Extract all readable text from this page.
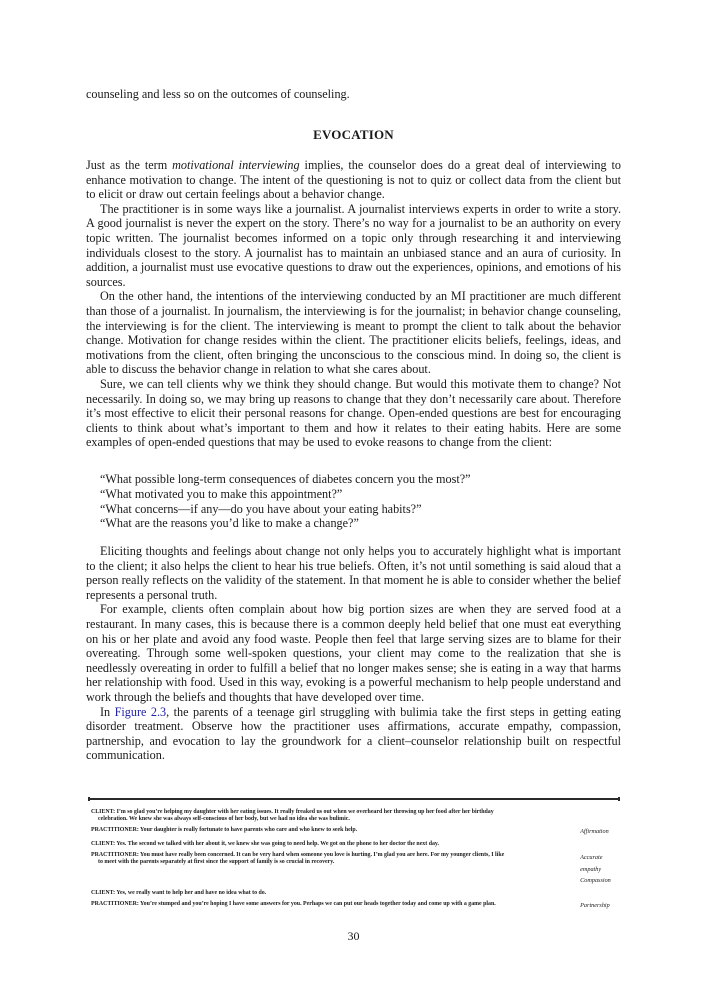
counseling and less so on the outcomes of counseling.

EVOCATION

Just as the term motivational interviewing implies, the counselor does do a great deal of interviewing to enhance motivation to change. The intent of the questioning is not to quiz or collect data from the client but to elicit or draw out certain feelings about a behavior change.

The practitioner is in some ways like a journalist. A journalist interviews experts in order to write a story. A good journalist is never the expert on the story. There’s no way for a journalist to be an authority on every topic written. The journalist becomes informed on a topic only through researching it and interviewing individuals closest to the story. A journalist has to maintain an unbiased stance and an aura of curiosity. In addition, a journalist must use evocative questions to draw out the experiences, opinions, and emotions of his sources.

On the other hand, the intentions of the interviewing conducted by an MI practitioner are much different than those of a journalist. In journalism, the interviewing is for the journalist; in behavior change counseling, the interviewing is for the client. The interviewing is meant to prompt the client to talk about the behavior change. Motivation for change resides within the client. The practitioner elicits beliefs, feelings, ideas, and motivations from the client, often bringing the unconscious to the conscious mind. In doing so, the client is able to discuss the behavior change in relation to what she cares about.

Sure, we can tell clients why we think they should change. But would this motivate them to change? Not necessarily. In doing so, we may bring up reasons to change that they don’t necessarily care about. Therefore it’s most effective to elicit their personal reasons for change. Open-ended questions are best for encouraging clients to think about what’s important to them and how it relates to their eating habits. Here are some examples of open-ended questions that may be used to evoke reasons to change from the client:

“What possible long-term consequences of diabetes concern you the most?”
“What motivated you to make this appointment?”
“What concerns—if any—do you have about your eating habits?”
“What are the reasons you’d like to make a change?”

Eliciting thoughts and feelings about change not only helps you to accurately highlight what is important to the client; it also helps the client to hear his true beliefs. Often, it’s not until something is said aloud that a person really reflects on the validity of the statement. In that moment he is able to consider whether the belief represents a personal truth.

For example, clients often complain about how big portion sizes are when they are served food at a restaurant. In many cases, this is because there is a common deeply held belief that one must eat everything on his or her plate and avoid any food waste. People then feel that large serving sizes are to blame for their overeating. Through some well-spoken questions, your client may come to the realization that she is needlessly overeating in order to fulfill a belief that no longer makes sense; she is eating in a way that harms her relationship with food. Used in this way, evoking is a powerful mechanism to help people understand and work through the beliefs and thoughts that have developed over time.

In Figure 2.3, the parents of a teenage girl struggling with bulimia take the first steps in getting eating disorder treatment. Observe how the practitioner uses affirmations, accurate empathy, compassion, partnership, and evocation to lay the groundwork for a client–counselor relationship built on respectful communication.

CLIENT: I’m so glad you’re helping my daughter with her eating issues. It really freaked us out when we overheard her throwing up her food after her birthday
celebration. We knew she was always self-conscious of her body, but we had no idea she was bulimic.
PRACTITIONER: Your daughter is really fortunate to have parents who care and who knew to seek help.	Affirmation
CLIENT: Yes. The second we talked with her about it, we knew she was going to need help. We got on the phone to her doctor the next day.
PRACTITIONER: You must have really been concerned. It can be very hard when someone you love is hurting. I’m glad you are here. For my younger clients, I like
to meet with the parents separately at first since the support of family is so crucial in recovery.
Accurate empathy Compassion
CLIENT: Yes, we really want to help her and have no idea what to do.
PRACTITIONER: You’re stumped and you’re hoping I have some answers for you. Perhaps we can put our heads together today and come up with a game plan.	Partnership
30
